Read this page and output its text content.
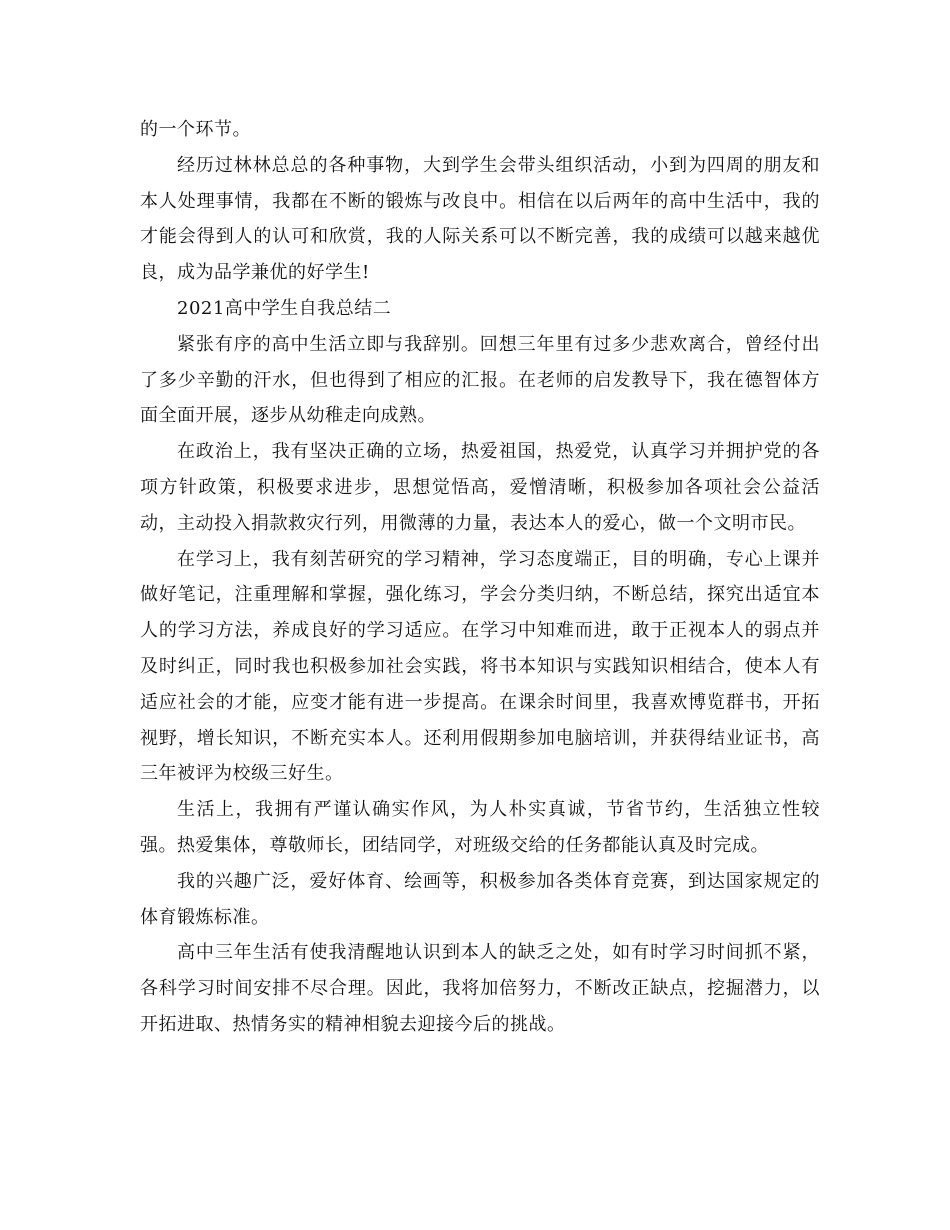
的一个环节。

经历过林林总总的各种事物，大到学生会带头组织活动，小到为四周的朋友和本人处理事情，我都在不断的锻炼与改良中。相信在以后两年的高中生活中，我的才能会得到人的认可和欣赏，我的人际关系可以不断完善，我的成绩可以越来越优良，成为品学兼优的好学生!

2021高中学生自我总结二

紧张有序的高中生活立即与我辞别。回想三年里有过多少悲欢离合，曾经付出了多少辛勤的汗水，但也得到了相应的汇报。在老师的启发教导下，我在德智体方面全面开展，逐步从幼稚走向成熟。

在政治上，我有坚决正确的立场，热爱祖国，热爱党，认真学习并拥护党的各项方针政策，积极要求进步，思想觉悟高，爱憎清晰，积极参加各项社会公益活动，主动投入捐款救灾行列，用微薄的力量，表达本人的爱心，做一个文明市民。

在学习上，我有刻苦研究的学习精神，学习态度端正，目的明确，专心上课并做好笔记，注重理解和掌握，强化练习，学会分类归纳，不断总结，探究出适宜本人的学习方法，养成良好的学习适应。在学习中知难而进，敢于正视本人的弱点并及时纠正，同时我也积极参加社会实践，将书本知识与实践知识相结合，使本人有适应社会的才能，应变才能有进一步提高。在课余时间里，我喜欢博览群书，开拓视野，增长知识，不断充实本人。还利用假期参加电脑培训，并获得结业证书，高三年被评为校级三好生。

生活上，我拥有严谨认确实作风，为人朴实真诚，节省节约，生活独立性较强。热爱集体，尊敬师长，团结同学，对班级交给的任务都能认真及时完成。

我的兴趣广泛，爱好体育、绘画等，积极参加各类体育竞赛，到达国家规定的体育锻炼标准。

高中三年生活有使我清醒地认识到本人的缺乏之处，如有时学习时间抓不紧，各科学习时间安排不尽合理。因此，我将加倍努力，不断改正缺点，挖掘潜力，以开拓进取、热情务实的精神相貌去迎接今后的挑战。
